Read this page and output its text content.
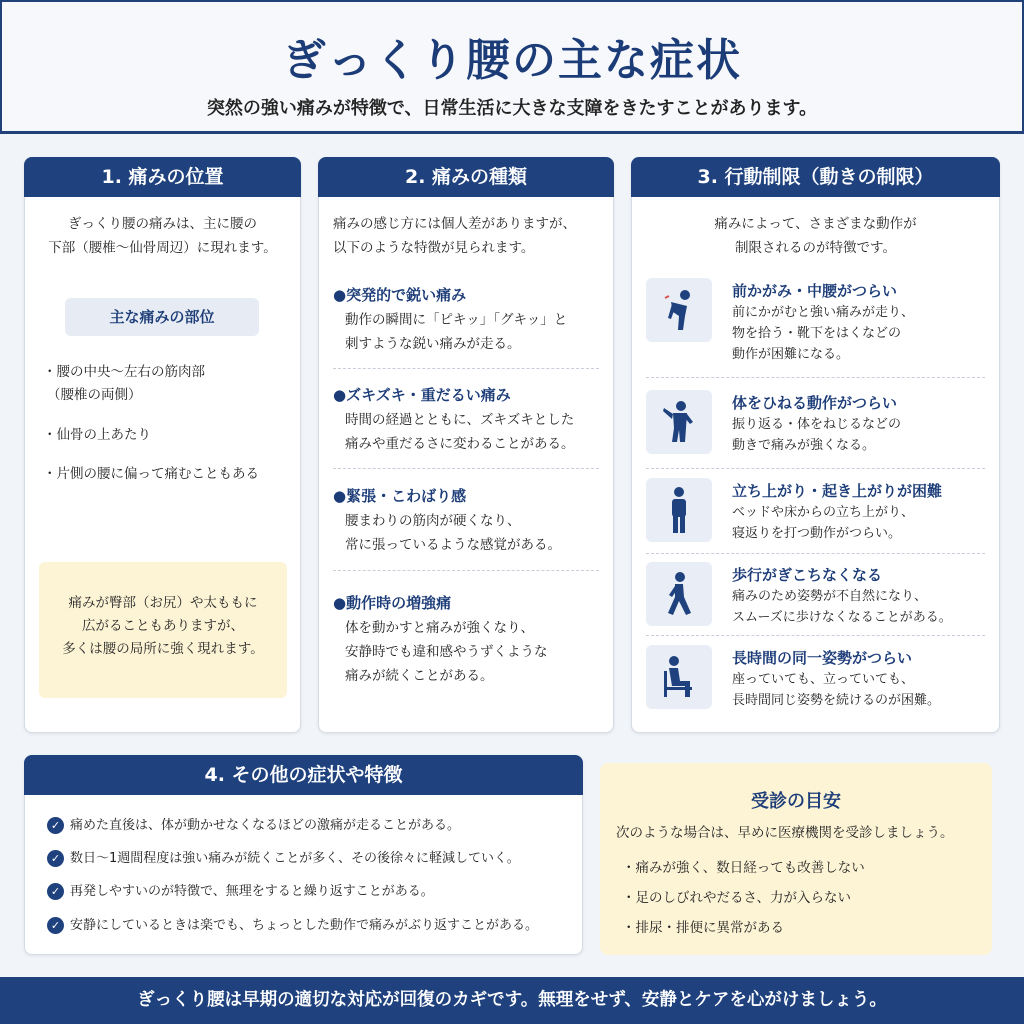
ぎっくり腰の主な症状

突然の強い痛みが特徴で、日常生活に大きな支障をきたすことがあります。

1. 痛みの位置
ぎっくり腰の痛みは、主に腰の
下部（腰椎〜仙骨周辺）に現れます。
主な痛みの部位
・腰の中央〜左右の筋肉部
（腰椎の両側）
・仙骨の上あたり
・片側の腰に偏って痛むこともある
痛みが臀部（お尻）や太ももに
広がることもありますが、
多くは腰の局所に強く現れます。
2. 痛みの種類
痛みの感じ方には個人差がありますが、
以下のような特徴が見られます。
●突発的で鋭い痛み
動作の瞬間に「ピキッ」「グキッ」と
刺すような鋭い痛みが走る。
●ズキズキ・重だるい痛み
時間の経過とともに、ズキズキとした
痛みや重だるさに変わることがある。
●緊張・こわばり感
腰まわりの筋肉が硬くなり、
常に張っているような感覚がある。
●動作時の増強痛
体を動かすと痛みが強くなり、
安静時でも違和感やうずくような
痛みが続くことがある。
3. 行動制限（動きの制限）
痛みによって、さまざまな動作が
制限されるのが特徴です。
前かがみ・中腰がつらい
前にかがむと強い痛みが走り、
物を拾う・靴下をはくなどの
動作が困難になる。
体をひねる動作がつらい
振り返る・体をねじるなどの
動きで痛みが強くなる。
立ち上がり・起き上がりが困難
ベッドや床からの立ち上がり、
寝返りを打つ動作がつらい。
歩行がぎこちなくなる
痛みのため姿勢が不自然になり、
スムーズに歩けなくなることがある。
長時間の同一姿勢がつらい
座っていても、立っていても、
長時間同じ姿勢を続けるのが困難。
4. その他の症状や特徴
✓ 痛めた直後は、体が動かせなくなるほどの激痛が走ることがある。
✓ 数日〜1週間程度は強い痛みが続くことが多く、その後徐々に軽減していく。
✓ 再発しやすいのが特徴で、無理をすると繰り返すことがある。
✓ 安静にしているときは楽でも、ちょっとした動作で痛みがぶり返すことがある。
受診の目安
次のような場合は、早めに医療機関を受診しましょう。
・痛みが強く、数日経っても改善しない
・足のしびれやだるさ、力が入らない
・排尿・排便に異常がある
ぎっくり腰は早期の適切な対応が回復のカギです。無理をせず、安静とケアを心がけましょう。
